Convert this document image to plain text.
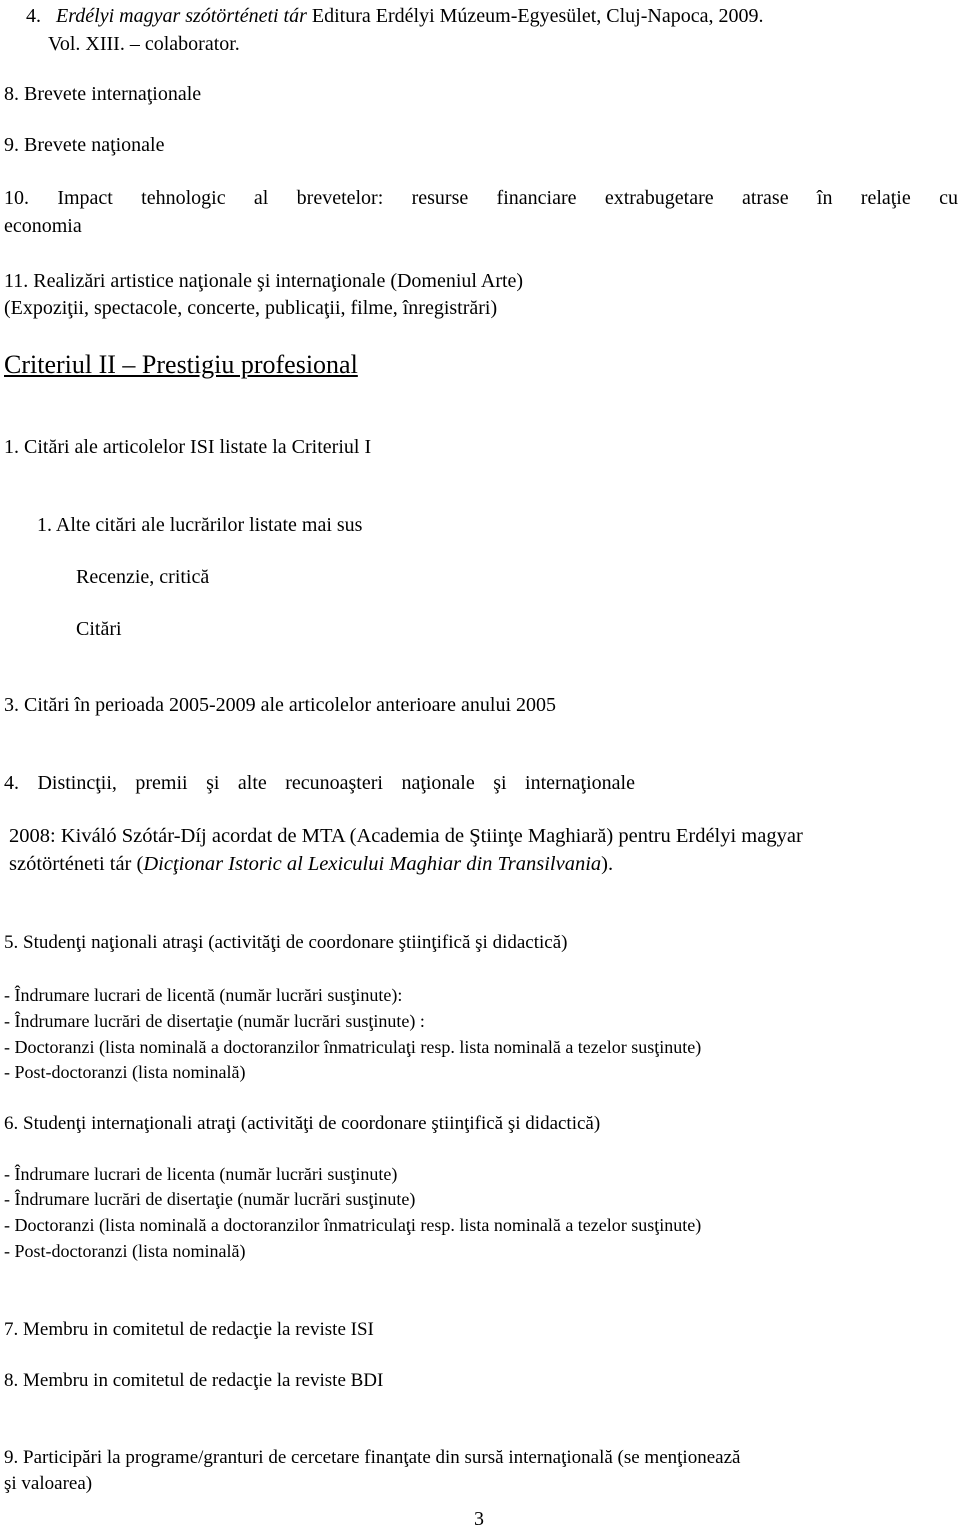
4. Erdélyi magyar szótörténeti tár Editura Erdélyi Múzeum-Egyesület, Cluj-Napoca, 2009.

Vol. XIII. – colaborator.

8. Brevete internaţionale

9. Brevete naţionale

10. Impact tehnologic al brevetelor: resurse financiare extrabugetare atrase în relaţie cu

economia

11. Realizări artistice naţionale şi internaţionale (Domeniul Arte)

(Expoziţii, spectacole, concerte, publicaţii, filme, înregistrări)

Criteriul II – Prestigiu profesional

1. Citări ale articolelor ISI listate la Criteriul I

1. Alte citări ale lucrărilor listate mai sus

Recenzie, critică

Citări

3. Citări în perioada 2005-2009 ale articolelor anterioare anului 2005

4. Distincţii, premii şi alte recunoaşteri naţionale şi internaţionale

2008: Kiváló Szótár-Díj acordat de MTA (Academia de Ştiinţe Maghiară) pentru Erdélyi magyar

szótörténeti tár (Dicţionar Istoric al Lexicului Maghiar din Transilvania).

5. Studenţi naţionali atraşi (activităţi de coordonare ştiinţifică şi didactică)

- Îndrumare lucrari de licentă (număr lucrări susţinute):

- Îndrumare lucrări de disertaţie (număr lucrări susţinute) :

- Doctoranzi (lista nominală a doctoranzilor înmatriculaţi resp. lista nominală a tezelor susţinute)

- Post-doctoranzi (lista nominală)

6. Studenţi internaţionali atraţi (activităţi de coordonare ştiinţifică şi didactică)

- Îndrumare lucrari de licenta (număr lucrări susţinute)

- Îndrumare lucrări de disertaţie (număr lucrări susţinute)

- Doctoranzi (lista nominală a doctoranzilor înmatriculaţi resp. lista nominală a tezelor susţinute)

- Post-doctoranzi (lista nominală)

7. Membru in comitetul de redacţie la reviste ISI

8. Membru in comitetul de redacţie la reviste BDI

9. Participări la programe/granturi de cercetare finanţate din sursă internaţională (se menţionează

şi valoarea)

3
